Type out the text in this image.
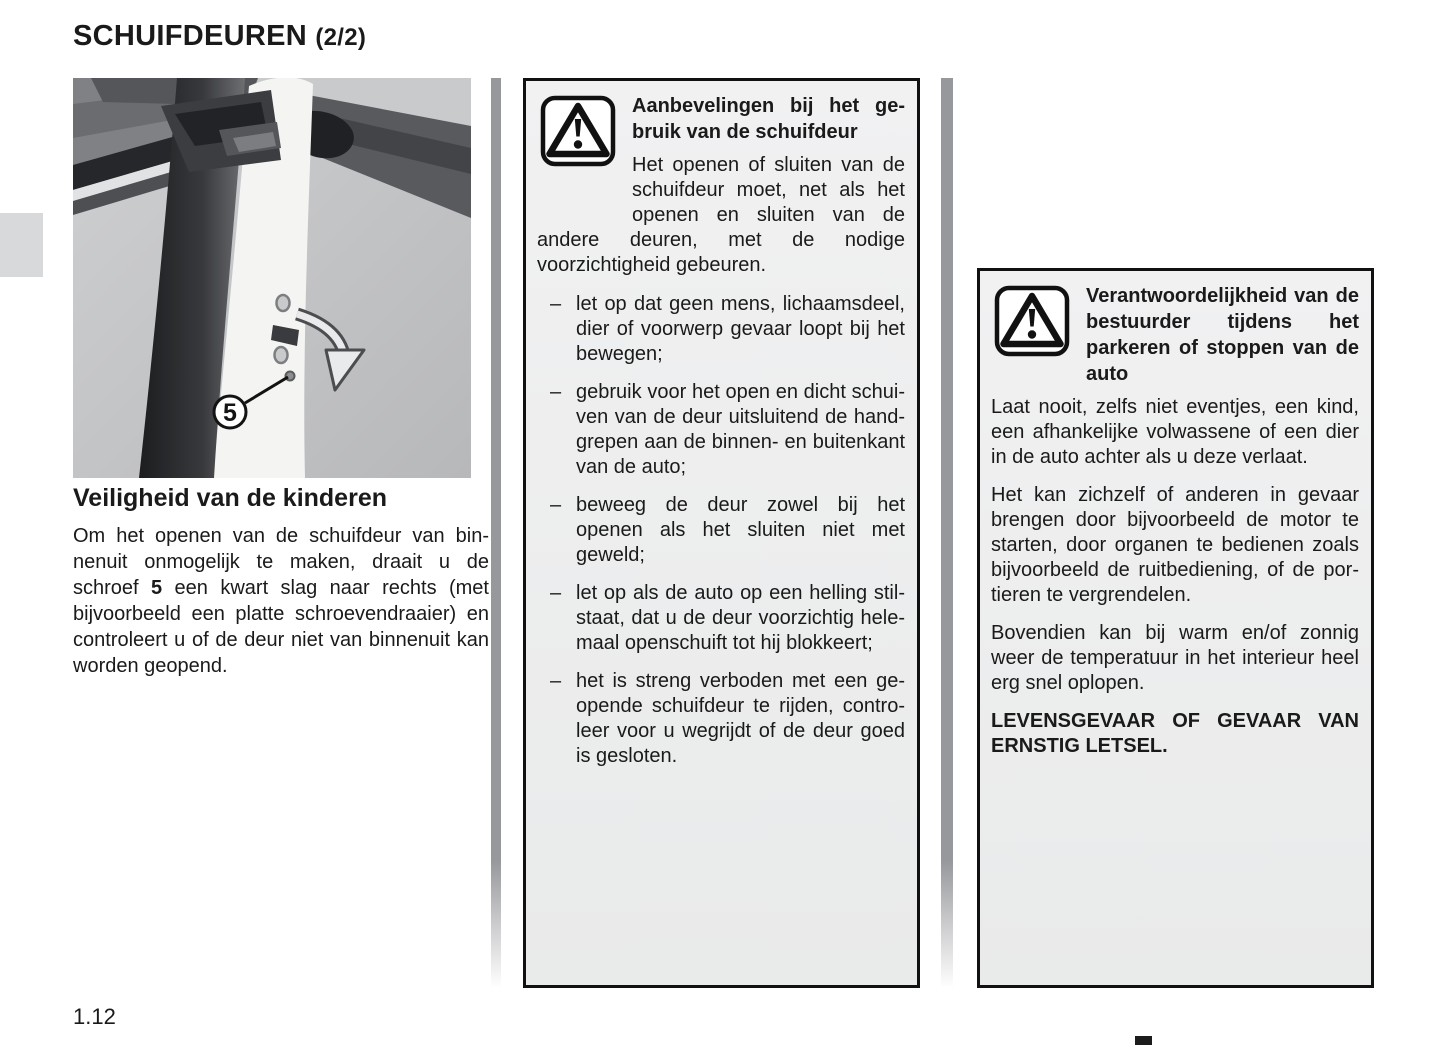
SCHUIFDEUREN (2/2)
5
Veiligheid van de kinderen

Om het openen van de schuifdeur van binnenuit onmogelijk te maken, draait u de schroef 5 een kwart slag naar rechts (met bijvoorbeeld een platte schroevendraaier) en controleert u of de deur niet van binnenuit kan worden geopend.

Aanbevelingen bij het gebruik van de schuifdeur

Het openen of sluiten van de schuifdeur moet, net als het openen en sluiten van de andere deuren, met de nodige voorzichtigheid gebeuren.

– let op dat geen mens, lichaamsdeel, dier of voorwerp gevaar loopt bij het bewegen;
– gebruik voor het open en dicht schuiven van de deur uitsluitend de handgrepen aan de binnen- en buitenkant van de auto;
– beweeg de deur zowel bij het openen als het sluiten niet met geweld;
– let op als de auto op een helling stilstaat, dat u de deur voorzichtig helemaal openschuift tot hij blokkeert;
– het is streng verboden met een geopende schuifdeur te rijden, controleer voor u wegrijdt of de deur goed is gesloten.
Verantwoordelijkheid van de bestuurder tijdens het parkeren of stoppen van de auto

Laat nooit, zelfs niet eventjes, een kind, een afhankelijke volwassene of een dier in de auto achter als u deze verlaat.

Het kan zichzelf of anderen in gevaar brengen door bijvoorbeeld de motor te starten, door organen te bedienen zoals bijvoorbeeld de ruitbediening, of de portieren te vergrendelen.

Bovendien kan bij warm en/of zonnig weer de temperatuur in het interieur heel erg snel oplopen.

LEVENSGEVAAR OF GEVAAR VAN ERNSTIG LETSEL.

1.12
